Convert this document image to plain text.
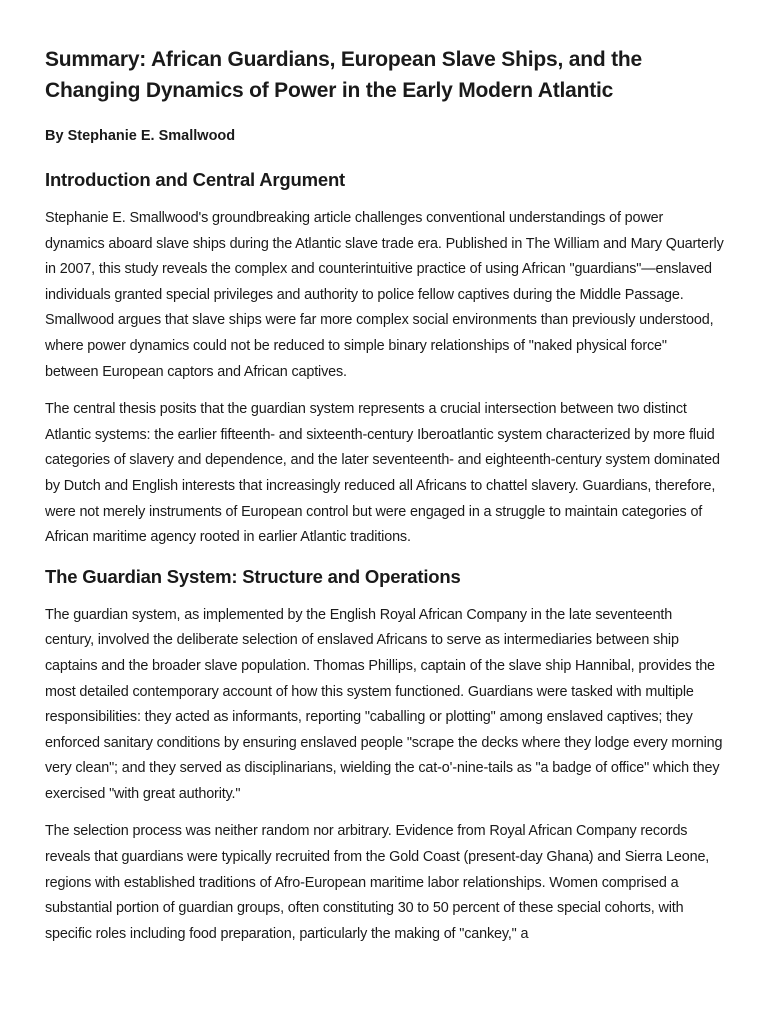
Summary: African Guardians, European Slave Ships, and the Changing Dynamics of Power in the Early Modern Atlantic
By Stephanie E. Smallwood
Introduction and Central Argument

Stephanie E. Smallwood's groundbreaking article challenges conventional understandings of power dynamics aboard slave ships during the Atlantic slave trade era. Published in The William and Mary Quarterly in 2007, this study reveals the complex and counterintuitive practice of using African "guardians"—enslaved individuals granted special privileges and authority to police fellow captives during the Middle Passage. Smallwood argues that slave ships were far more complex social environments than previously understood, where power dynamics could not be reduced to simple binary relationships of "naked physical force" between European captors and African captives.

The central thesis posits that the guardian system represents a crucial intersection between two distinct Atlantic systems: the earlier fifteenth- and sixteenth-century Iberoatlantic system characterized by more fluid categories of slavery and dependence, and the later seventeenth- and eighteenth-century system dominated by Dutch and English interests that increasingly reduced all Africans to chattel slavery. Guardians, therefore, were not merely instruments of European control but were engaged in a struggle to maintain categories of African maritime agency rooted in earlier Atlantic traditions.

The Guardian System: Structure and Operations

The guardian system, as implemented by the English Royal African Company in the late seventeenth century, involved the deliberate selection of enslaved Africans to serve as intermediaries between ship captains and the broader slave population. Thomas Phillips, captain of the slave ship Hannibal, provides the most detailed contemporary account of how this system functioned. Guardians were tasked with multiple responsibilities: they acted as informants, reporting "caballing or plotting" among enslaved captives; they enforced sanitary conditions by ensuring enslaved people "scrape the decks where they lodge every morning very clean"; and they served as disciplinarians, wielding the cat-o'-nine-tails as "a badge of office" which they exercised "with great authority."

The selection process was neither random nor arbitrary. Evidence from Royal African Company records reveals that guardians were typically recruited from the Gold Coast (present-day Ghana) and Sierra Leone, regions with established traditions of Afro-European maritime labor relationships. Women comprised a substantial portion of guardian groups, often constituting 30 to 50 percent of these special cohorts, with specific roles including food preparation, particularly the making of "cankey," a
